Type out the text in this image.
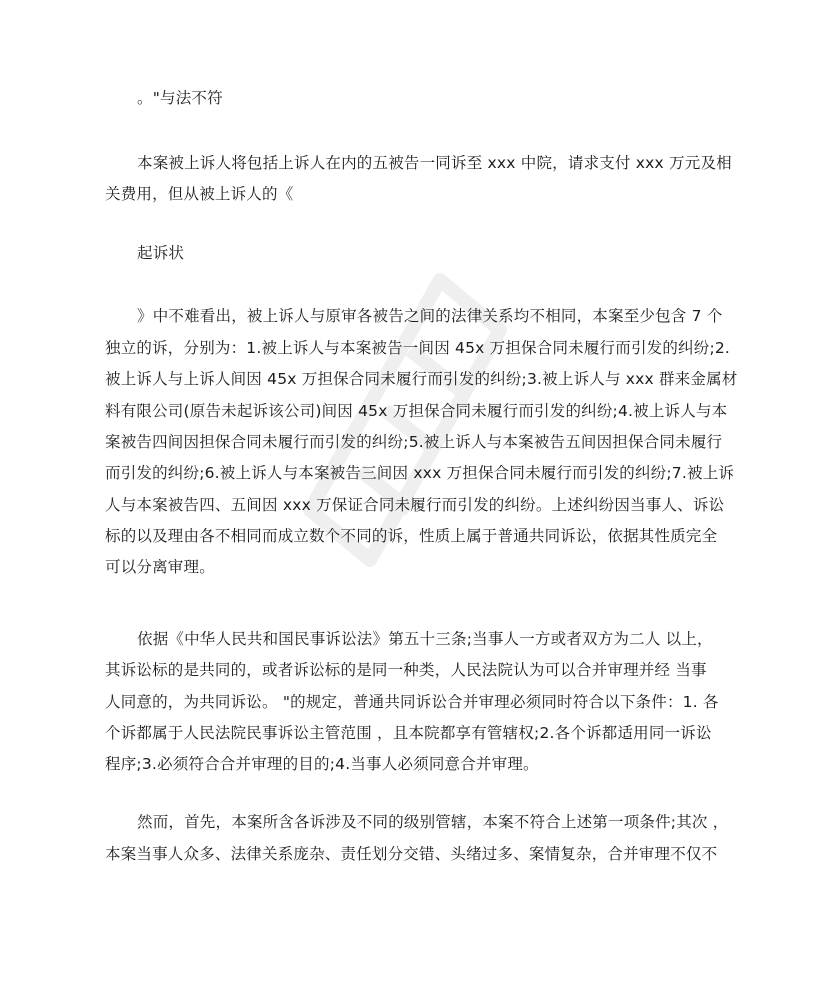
。"与法不符
本案被上诉人将包括上诉人在内的五被告一同诉至 xxx 中院，请求支付 xxx 万元及相
关费用，但从被上诉人的《
起诉状
》中不难看出，被上诉人与原审各被告之间的法律关系均不相同，本案至少包含 7 个
独立的诉，分别为：1.被上诉人与本案被告一间因 45x 万担保合同未履行而引发的纠纷;2.
被上诉人与上诉人间因 45x 万担保合同未履行而引发的纠纷;3.被上诉人与 xxx 群来金属材
料有限公司(原告未起诉该公司)间因 45x 万担保合同未履行而引发的纠纷;4.被上诉人与本
案被告四间因担保合同未履行而引发的纠纷;5.被上诉人与本案被告五间因担保合同未履行
而引发的纠纷;6.被上诉人与本案被告三间因 xxx 万担保合同未履行而引发的纠纷;7.被上诉
人与本案被告四、五间因 xxx 万保证合同未履行而引发的纠纷。上述纠纷因当事人、诉讼
标的以及理由各不相同而成立数个不同的诉，性质上属于普通共同诉讼，依据其性质完全
可以分离审理。
依据《中华人民共和国民事诉讼法》第五十三条;当事人一方或者双方为二人 以上，
其诉讼标的是共同的，或者诉讼标的是同一种类，人民法院认为可以合并审理并经 当事
人同意的，为共同诉讼。 "的规定，普通共同诉讼合并审理必须同时符合以下条件：1. 各
个诉都属于人民法院民事诉讼主管范围 ，且本院都享有管辖权;2.各个诉都适用同一诉讼
程序;3.必须符合合并审理的目的;4.当事人必须同意合并审理。
然而，首先，本案所含各诉涉及不同的级别管辖，本案不符合上述第一项条件;其次 ，
本案当事人众多、法律关系庞杂、责任划分交错、头绪过多、案情复杂，合并审理不仅不
